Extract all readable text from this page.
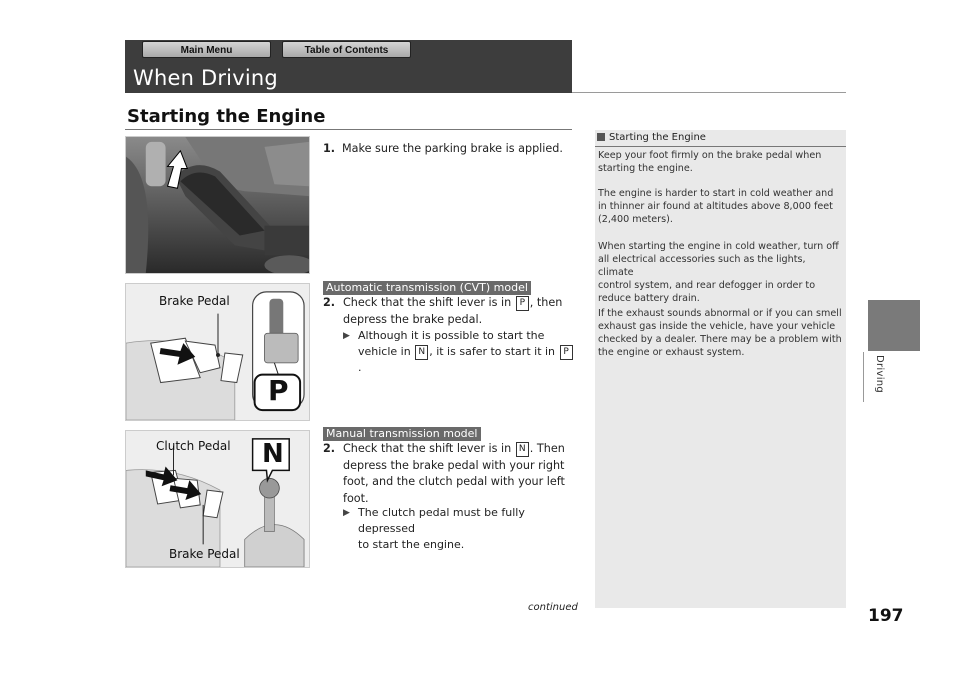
Main Menu	Table of Contents
When Driving
Starting the Engine
Brake Pedal
P
Clutch Pedal
Brake Pedal
N
1. Make sure the parking brake is applied.
Automatic transmission (CVT) model
2. Check that the shift lever is in P , then
depress the brake pedal.
▶ Although it is possible to start the
vehicle in N , it is safer to start it in P.
Manual transmission model
2. Check that the shift lever is in N . Then
depress the brake pedal with your right
foot, and the clutch pedal with your left
foot.
▶ The clutch pedal must be fully depressed
to start the engine.
continued
Starting the Engine
Keep your foot firmly on the brake pedal when
starting the engine.
The engine is harder to start in cold weather and
in thinner air found at altitudes above 8,000 feet
(2,400 meters).
When starting the engine in cold weather, turn off
all electrical accessories such as the lights, climate
control system, and rear defogger in order to
reduce battery drain.
If the exhaust sounds abnormal or if you can smell
exhaust gas inside the vehicle, have your vehicle
checked by a dealer. There may be a problem with
the engine or exhaust system.
Driving
197
